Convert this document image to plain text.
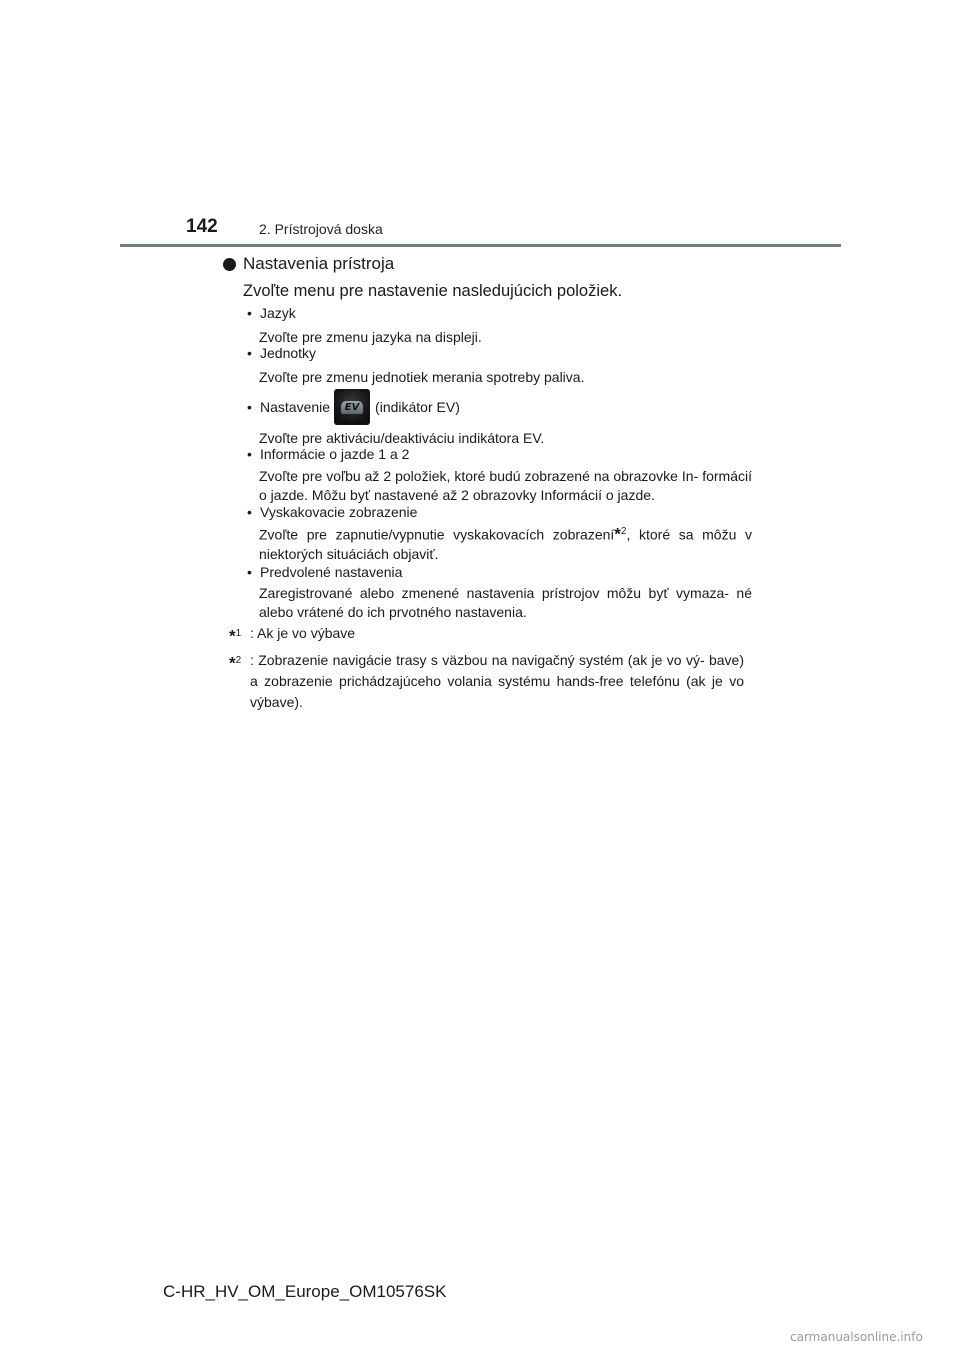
142	2. Prístrojová doska
Nastavenia prístroja
Zvoľte menu pre nastavenie nasledujúcich položiek.
• Jazyk
Zvoľte pre zmenu jazyka na displeji.
• Jednotky
Zvoľte pre zmenu jednotiek merania spotreby paliva.
• Nastavenie	EV (indikátor EV)
Zvoľte pre aktiváciu/deaktiváciu indikátora EV.
• Informácie o jazde 1 a 2
Zvoľte pre voľbu až 2 položiek, ktoré budú zobrazené na obrazovke In- formácií o jazde. Môžu byť nastavené až 2 obrazovky Informácií o jazde.
• Vyskakovacie zobrazenie
Zvoľte pre zapnutie/vypnutie vyskakovacích zobrazení*$^2$, ktoré sa môžu v niektorých situáciách objaviť.
• Predvolené nastavenia
Zaregistrované alebo zmenené nastavenia prístrojov môžu byť vymaza- né alebo vrátené do ich prvotného nastavenia.
*$^1$ : Ak je vo výbave
*$^2$ : Zobrazenie navigácie trasy s väzbou na navigačný systém (ak je vo vý- bave) a zobrazenie prichádzajúceho volania systému hands-free telefónu (ak je vo výbave).
C-HR_HV_OM_Europe_OM10576SK
carmanualsonline.info
